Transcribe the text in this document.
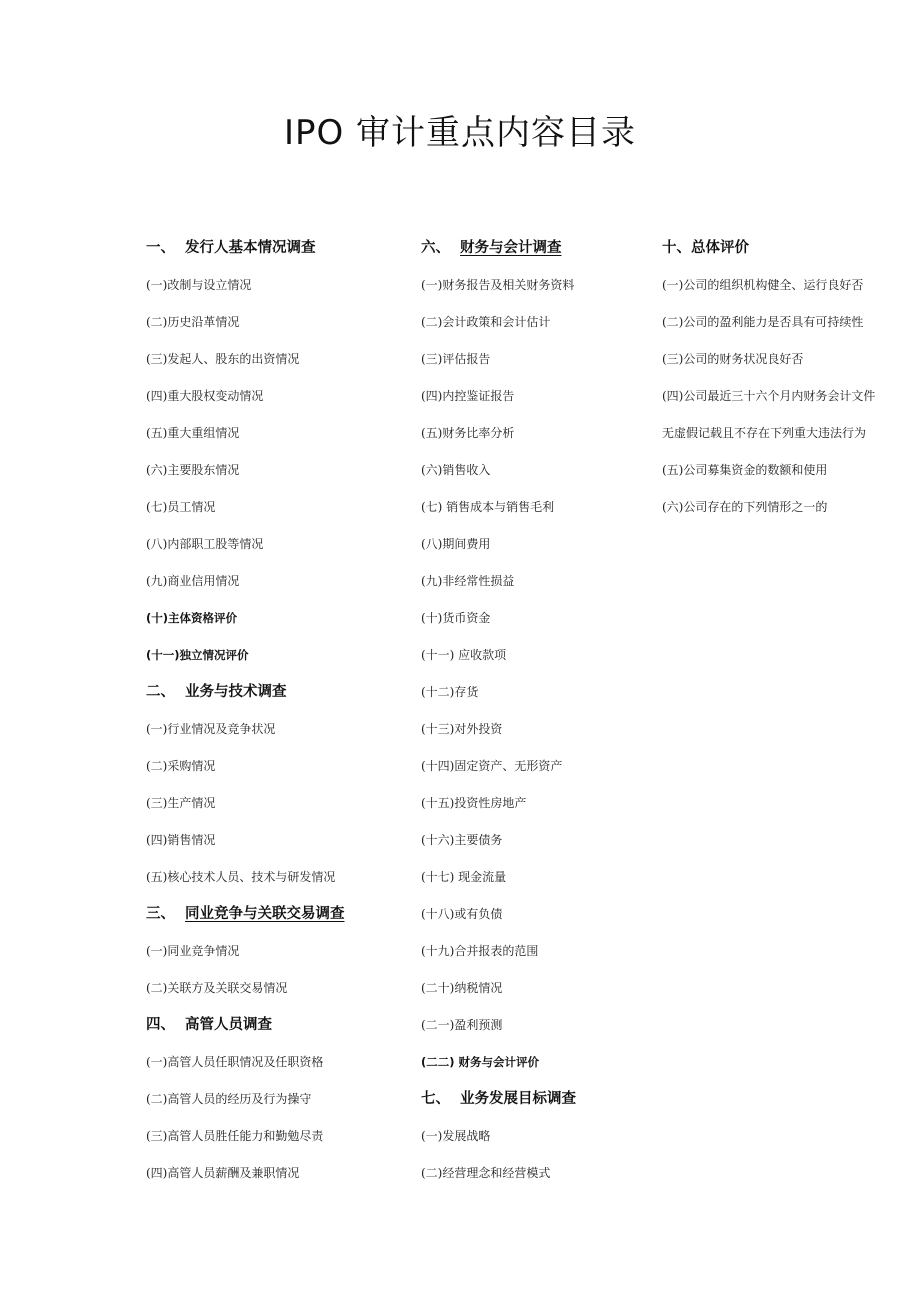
IPO 审计重点内容目录
一、 发行人基本情况调查
(一)改制与设立情况
(二)历史沿革情况
(三)发起人、股东的出资情况
(四)重大股权变动情况
(五)重大重组情况
(六)主要股东情况
(七)员工情况
(八)内部职工股等情况
(九)商业信用情况
(十)主体资格评价
(十一)独立情况评价
二、 业务与技术调查
(一)行业情况及竞争状况
(二)采购情况
(三)生产情况
(四)销售情况
(五)核心技术人员、技术与研发情况
三、 同业竞争与关联交易调查
(一)同业竞争情况
(二)关联方及关联交易情况
四、 高管人员调查
(一)高管人员任职情况及任职资格
(二)高管人员的经历及行为操守
(三)高管人员胜任能力和勤勉尽责
(四)高管人员薪酬及兼职情况
六、 财务与会计调查
(一)财务报告及相关财务资料
(二)会计政策和会计估计
(三)评估报告
(四)内控鉴证报告
(五)财务比率分析
(六)销售收入
(七) 销售成本与销售毛利
(八)期间费用
(九)非经常性损益
(十)货币资金
(十一) 应收款项
(十二)存货
(十三)对外投资
(十四)固定资产、无形资产
(十五)投资性房地产
(十六)主要债务
(十七) 现金流量
(十八)或有负债
(十九)合并报表的范围
(二十)纳税情况
(二一)盈利预测
(二二) 财务与会计评价
七、 业务发展目标调查
(一)发展战略
(二)经营理念和经营模式
十、总体评价
(一)公司的组织机构健全、运行良好否
(二)公司的盈利能力是否具有可持续性
(三)公司的财务状况良好否
(四)公司最近三十六个月内财务会计文件
无虚假记载且不存在下列重大违法行为
(五)公司募集资金的数额和使用
(六)公司存在的下列情形之一的
